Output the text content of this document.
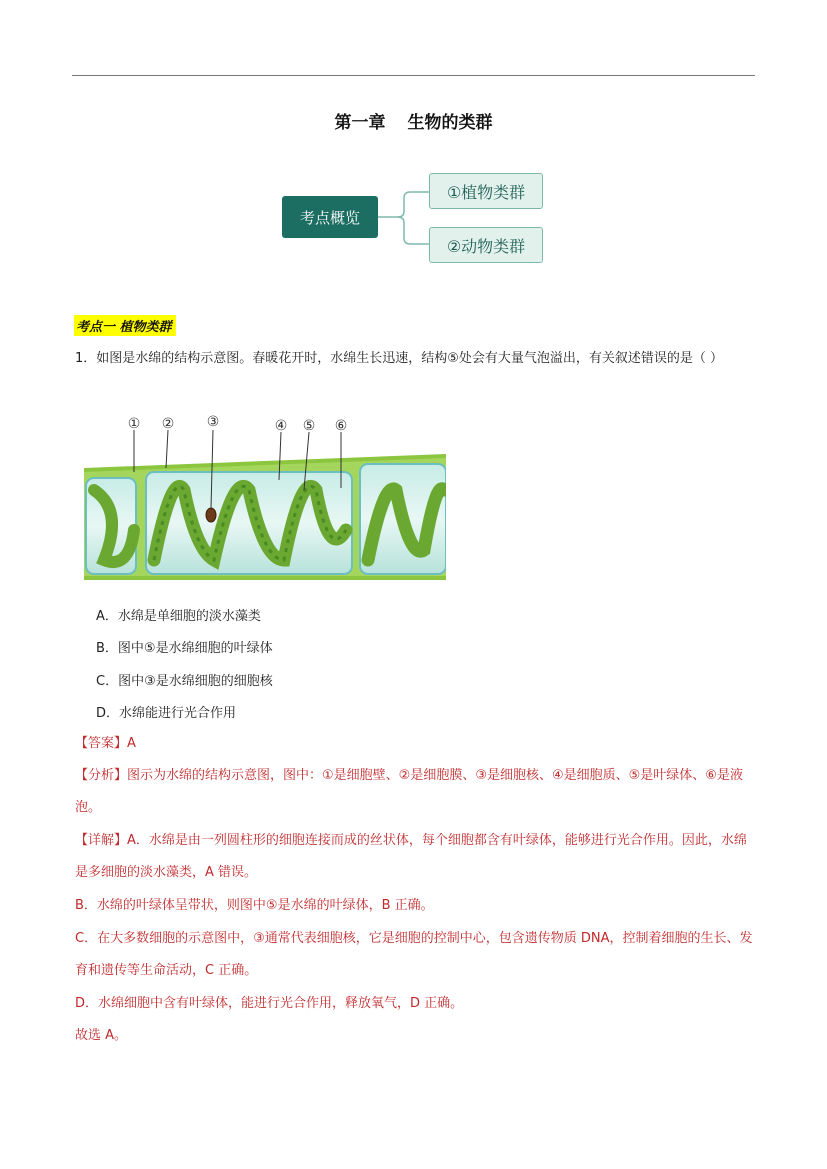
第一章 生物的类群
考点概览
①植物类群
②动物类群
考点一 植物类群
1．如图是水绵的结构示意图。春暖花开时，水绵生长迅速，结构⑤处会有大量气泡溢出，有关叙述错误的是（ ）
① ② ③	④ ⑤ ⑥
A．水绵是单细胞的淡水藻类
B．图中⑤是水绵细胞的叶绿体
C．图中③是水绵细胞的细胞核
D．水绵能进行光合作用
【答案】A
【分析】图示为水绵的结构示意图，图中：①是细胞壁、②是细胞膜、③是细胞核、④是细胞质、⑤是叶绿体、⑥是液泡。
【详解】A．水绵是由一列圆柱形的细胞连接而成的丝状体，每个细胞都含有叶绿体，能够进行光合作用。因此，水绵是多细胞的淡水藻类，A 错误。
B．水绵的叶绿体呈带状，则图中⑤是水绵的叶绿体，B 正确。
C．在大多数细胞的示意图中，③通常代表细胞核，它是细胞的控制中心，包含遗传物质 DNA，控制着细胞的生长、发育和遗传等生命活动，C 正确。
D．水绵细胞中含有叶绿体，能进行光合作用，释放氧气，D 正确。
故选 A。
